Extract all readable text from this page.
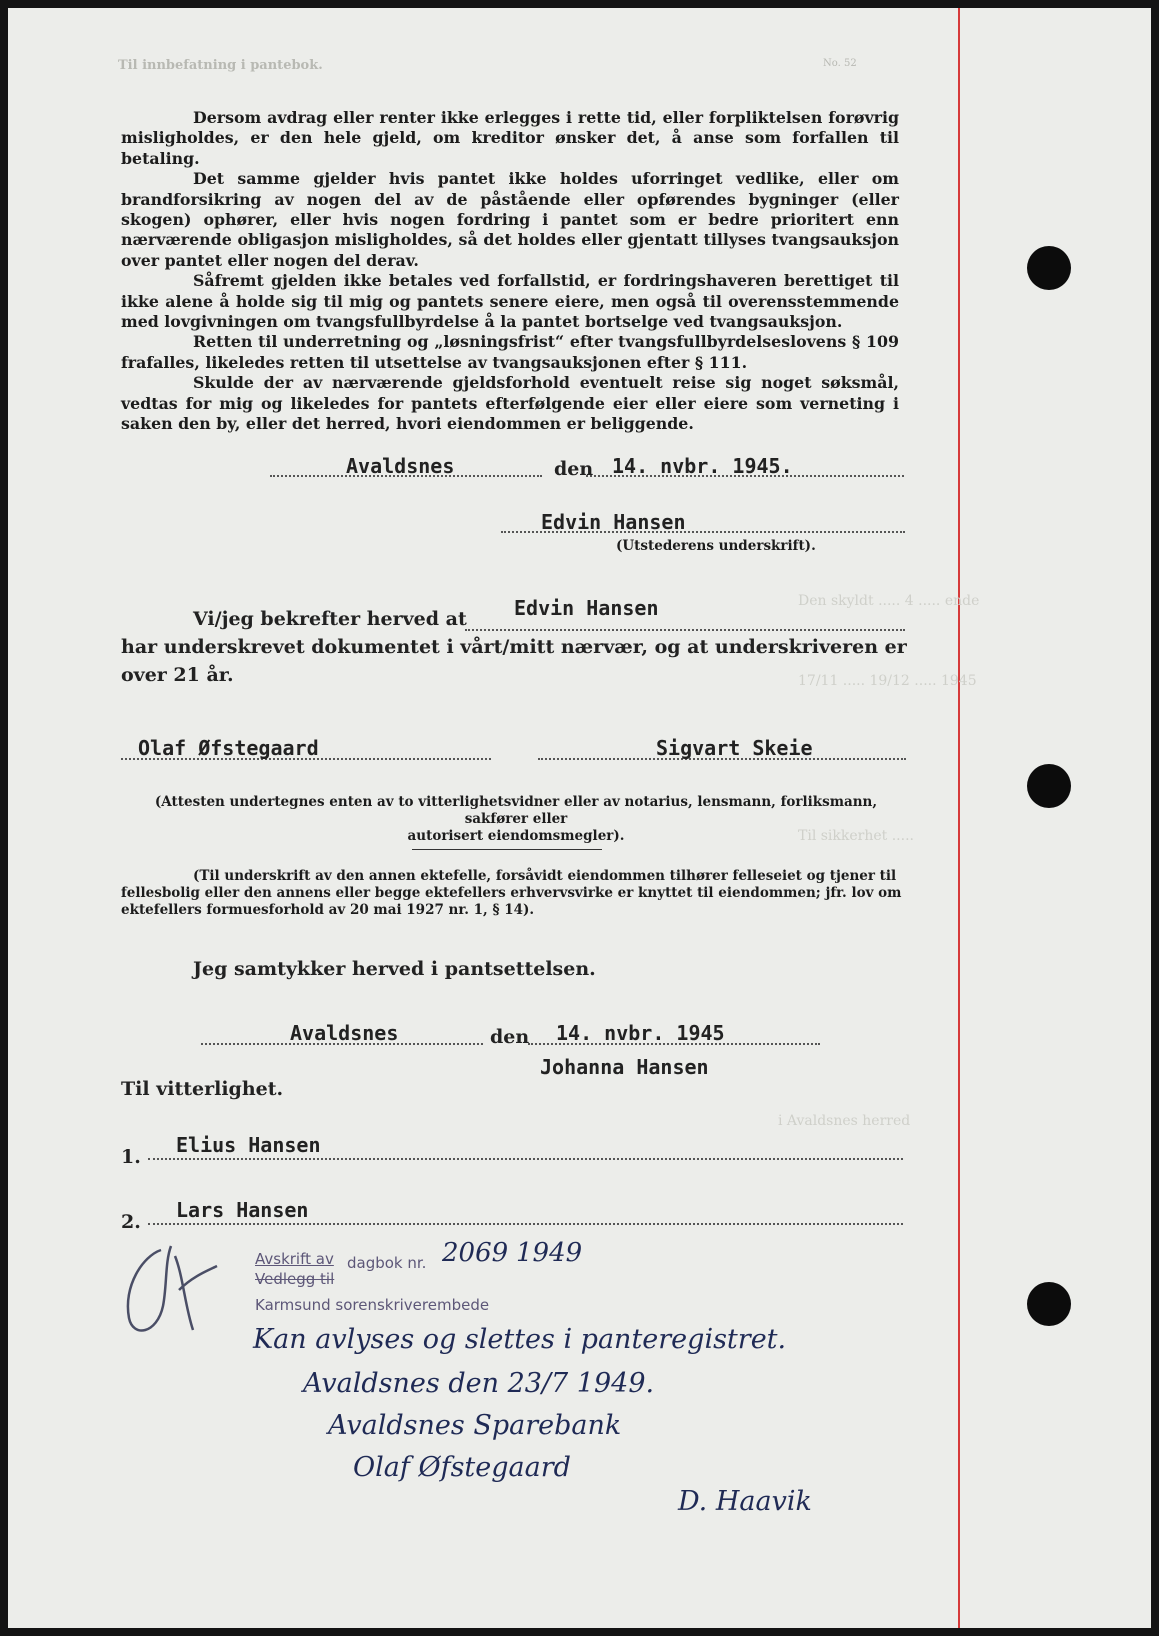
Til innbefatning i pantebok.	No. 52
Den skyldt ..... 4 ..... ende
17/11 ..... 19/12 ..... 1945
Til sikkerhet .....
i Avaldsnes herred

Dersom avdrag eller renter ikke erlegges i rette tid, eller forpliktelsen forøvrig misligholdes, er den hele gjeld, om kreditor ønsker det, å anse som forfallen til betaling.

Det samme gjelder hvis pantet ikke holdes uforringet vedlike, eller om brandforsikring av nogen del av de påstående eller opførendes bygninger (eller skogen) ophører, eller hvis nogen fordring i pantet som er bedre prioritert enn nærværende obligasjon misligholdes, så det holdes eller gjentatt tillyses tvangsauksjon over pantet eller nogen del derav.

Såfremt gjelden ikke betales ved forfallstid, er fordringshaveren berettiget til ikke alene å holde sig til mig og pantets senere eiere, men også til overensstemmende med lovgivningen om tvangsfullbyrdelse å la pantet bortselge ved tvangsauksjon.

Retten til underretning og „løsningsfrist“ efter tvangsfullbyrdelseslovens § 109 frafalles, likeledes retten til utsettelse av tvangsauksjonen efter § 111.

Skulde der av nærværende gjeldsforhold eventuelt reise sig noget søksmål, vedtas for mig og likeledes for pantets efterfølgende eier eller eiere som verneting i saken den by, eller det herred, hvori eiendommen er beliggende.

Avaldsnes	den 14. nvbr. 1945.
Edvin Hansen
(Utstederens underskrift).
Vi/jeg bekrefter herved at Edvin Hansen
har underskrevet dokumentet i vårt/mitt nærvær, og at underskriveren er
over 21 år.
Olaf Øfstegaard	Sigvart Skeie
(Attesten undertegnes enten av to vitterlighetsvidner eller av notarius, lensmann, forliksmann, sakfører eller
autorisert eiendomsmegler).
(Til underskrift av den annen ektefelle, forsåvidt eiendommen tilhører felleseiet og tjener til
fellesbolig eller den annens eller begge ektefellers erhvervsvirke er knyttet til eiendommen; jfr. lov om
ektefellers formuesforhold av 20 mai 1927 nr. 1, § 14).
Jeg samtykker herved i pantsettelsen.
Avaldsnes	den 14. nvbr. 1945
Johanna Hansen
Til vitterlighet.
1. Elius Hansen
2. Lars Hansen
Avskrift av dagbok nr. 2069 1949
Vedlegg til
Karmsund sorenskriverembede
Kan avlyses og slettes i panteregistret.
Avaldsnes den 23/7 1949.
Avaldsnes Sparebank
Olaf Øfstegaard
D. Haavik
